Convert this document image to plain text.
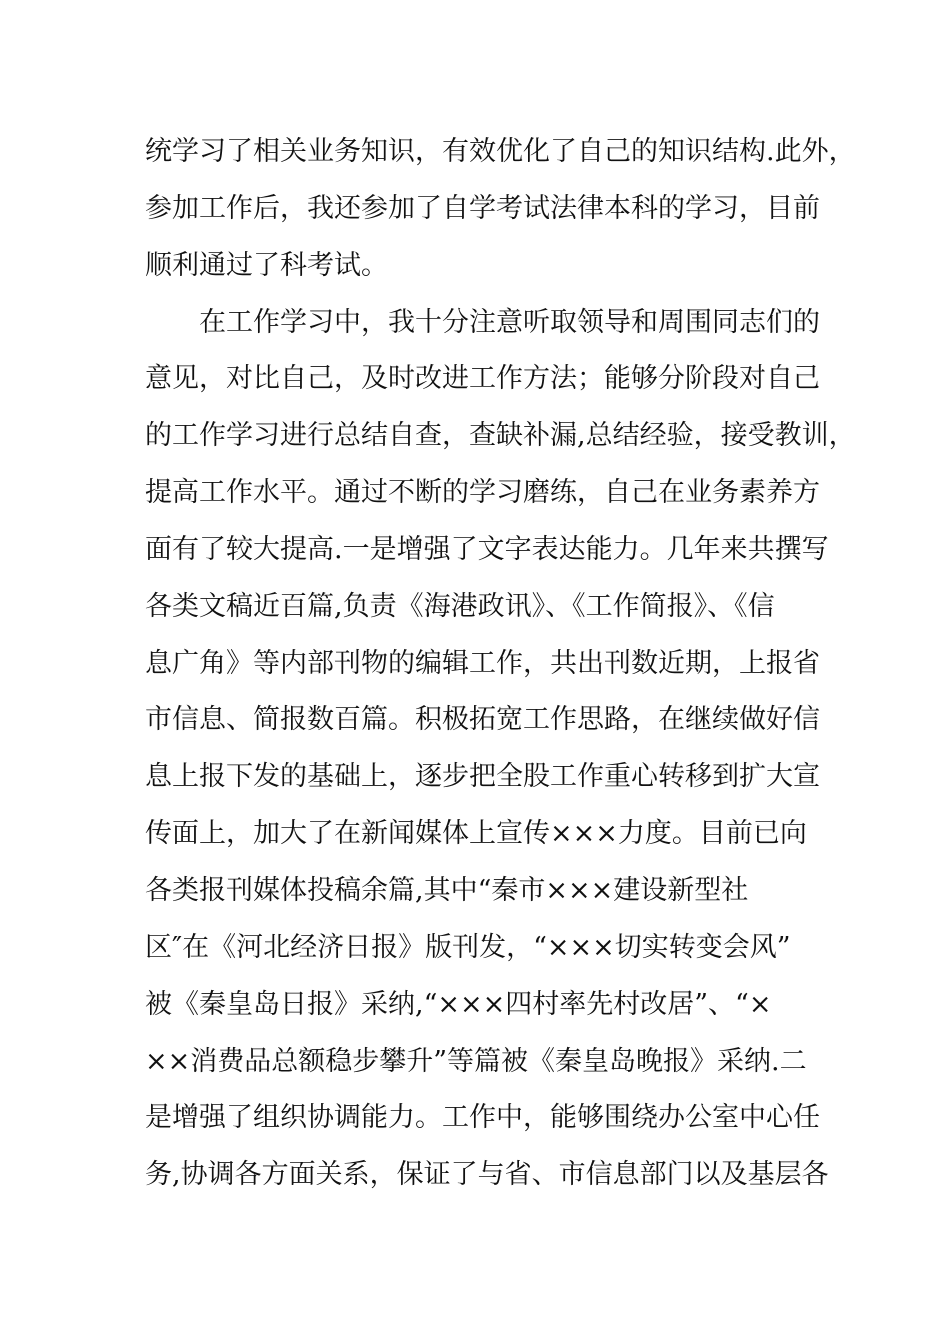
统学习了相关业务知识，有效优化了自己的知识结构.此外，
参加工作后，我还参加了自学考试法律本科的学习，目前
顺利通过了科考试。
在工作学习中，我十分注意听取领导和周围同志们的
意见，对比自己，及时改进工作方法；能够分阶段对自己
的工作学习进行总结自查，查缺补漏,总结经验，接受教训，
提高工作水平。通过不断的学习磨练，自己在业务素养方
面有了较大提高.一是增强了文字表达能力。几年来共撰写
各类文稿近百篇,负责《海港政讯》、《工作简报》、《信
息广角》等内部刊物的编辑工作，共出刊数近期，上报省
市信息、简报数百篇。积极拓宽工作思路，在继续做好信
息上报下发的基础上，逐步把全股工作重心转移到扩大宣
传面上，加大了在新闻媒体上宣传×××力度。目前已向
各类报刊媒体投稿余篇,其中“秦市×××建设新型社
区″在《河北经济日报》版刊发，“×××切实转变会风”
被《秦皇岛日报》采纳,“×××四村率先村改居”、“×
××消费品总额稳步攀升”等篇被《秦皇岛晚报》采纳.二
是增强了组织协调能力。工作中，能够围绕办公室中心任
务,协调各方面关系，保证了与省、市信息部门以及基层各
